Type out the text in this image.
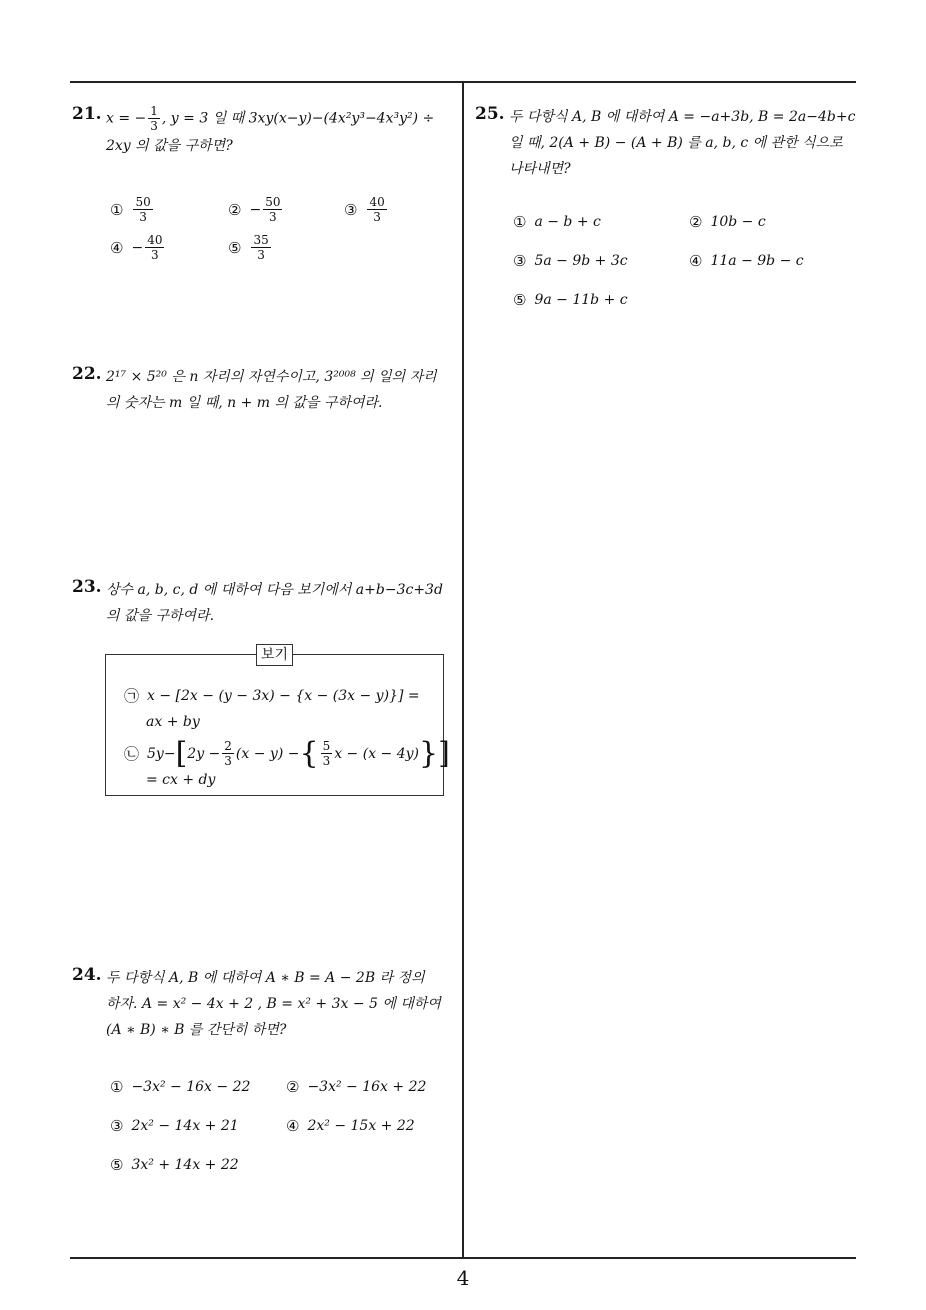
4
21. x = − $\frac{1}{3}$ , y = 3 일 때 3xy(x−y)−(4x²y³−4x³y²) ÷
2xy 의 값을 구하면?
① $\frac{50}{3}$	② − $\frac{50}{3}$	③ $\frac{40}{3}$
④ − $\frac{40}{3}$	⑤ $\frac{35}{3}$
22. 2¹⁷ × 5²⁰ 은 n 자리의 자연수이고, 3²⁰⁰⁸ 의 일의 자리
의 숫자는 m 일 때, n + m 의 값을 구하여라.
23. 상수 a, b, c, d 에 대하여 다음 보기에서 a+b−3c+3d
의 값을 구하여라.
보기
㉠ x − [2x − (y − 3x) − {x − (3x − y)}] =
ax + by
㉡ 5y− [ $2y - \frac{2}{3} (x - y)$ − { $\frac{5}{3}$ x − (x − 4y) }]
= cx + dy
24. 두 다항식 A, B 에 대하여 A ∗ B = A − 2B 라 정의
하자. A = x² − 4x + 2 , B = x² + 3x − 5 에 대하여
(A ∗ B) ∗ B 를 간단히 하면?
① −3x² − 16x − 22 ② −3x² − 16x + 22
③ 2x² − 14x + 21	④ 2x² − 15x + 22
⑤ 3x² + 14x + 22
25. 두 다항식 A, B 에 대하여 A = −a+3b, B = 2a−4b+c
일 때, 2(A + B) − (A + B) 를 a, b, c 에 관한 식으로
나타내면?
① a − b + c	② 10b − c
③ 5a − 9b + 3c	④ 11a − 9b − c
⑤ 9a − 11b + c
